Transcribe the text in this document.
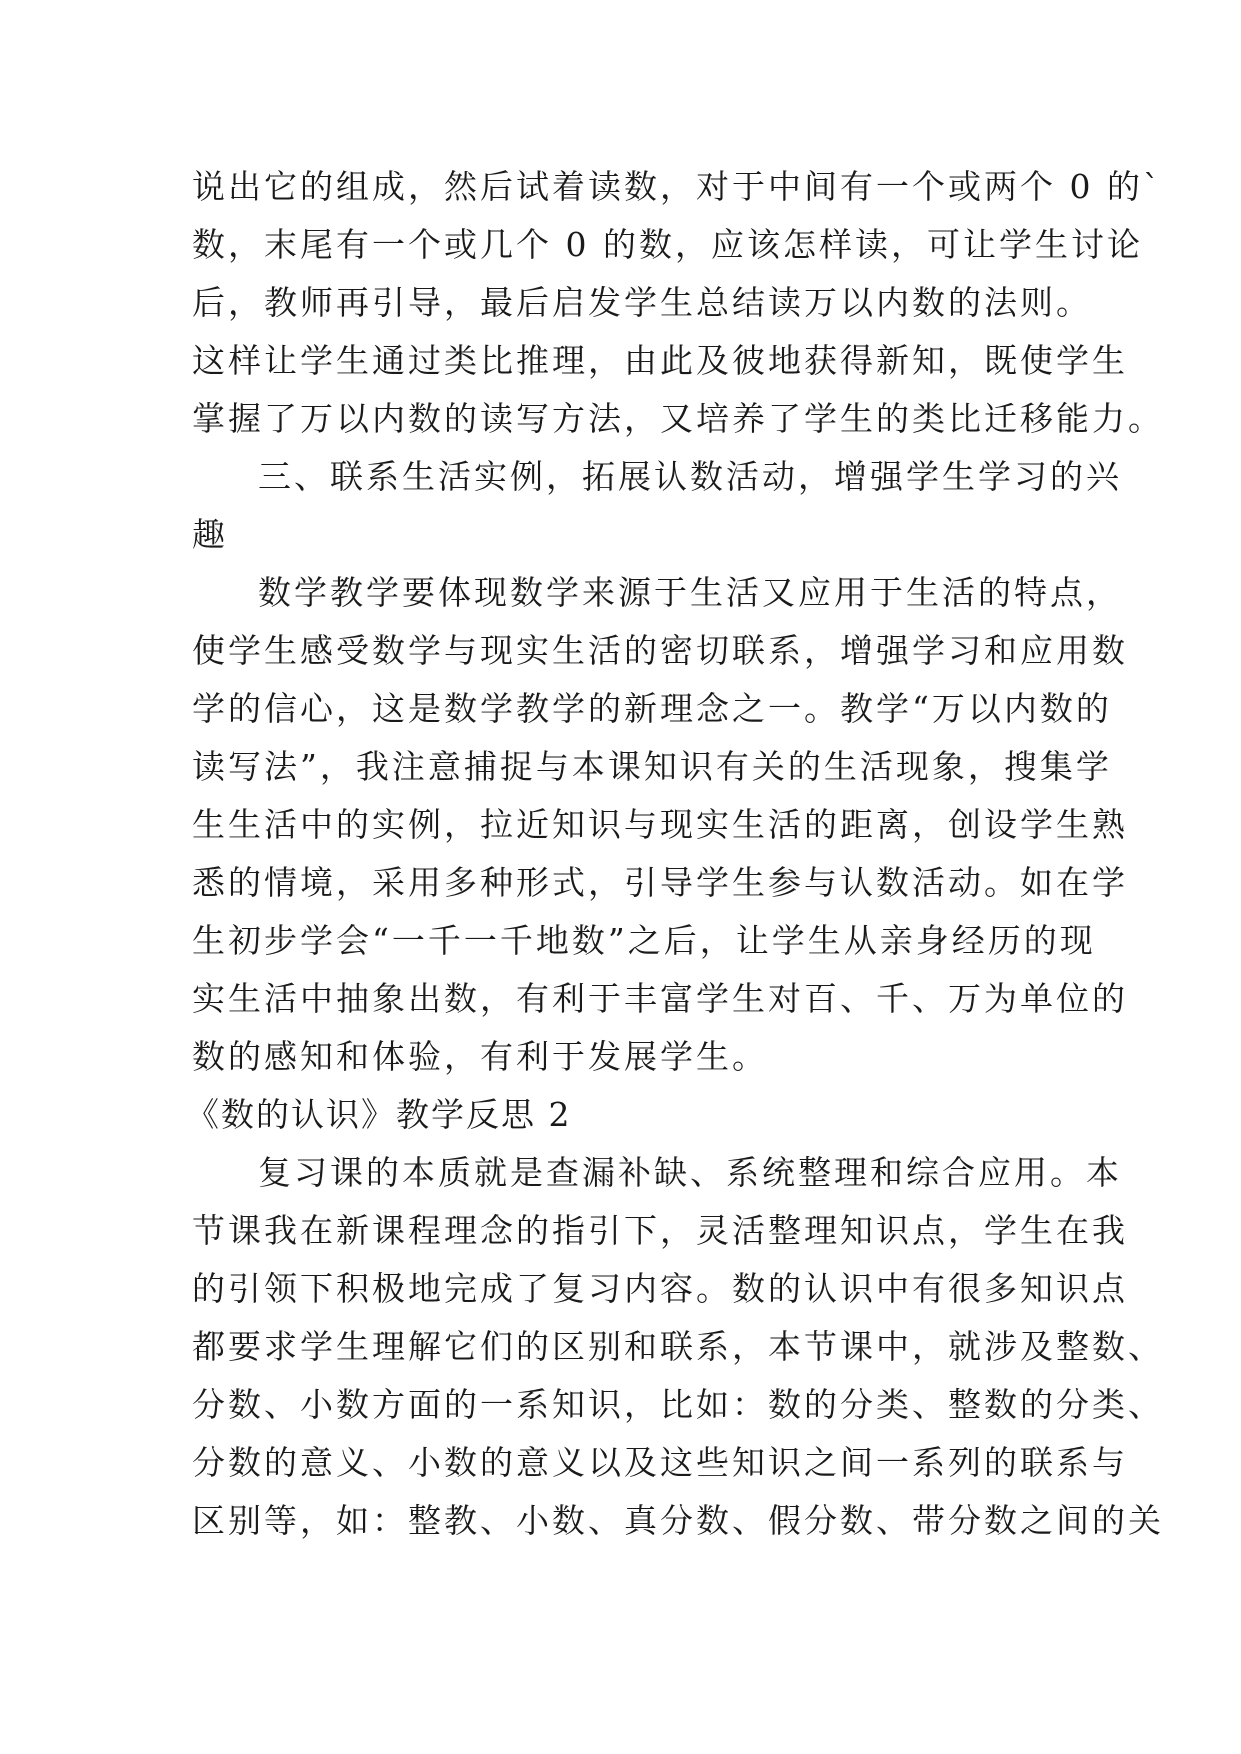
说出它的组成，然后试着读数，对于中间有一个或两个 0 的`
数，末尾有一个或几个 0 的数，应该怎样读，可让学生讨论
后，教师再引导，最后启发学生总结读万以内数的法则。
这样让学生通过类比推理，由此及彼地获得新知，既使学生
掌握了万以内数的读写方法，又培养了学生的类比迁移能力。
三、联系生活实例，拓展认数活动，增强学生学习的兴
趣
数学教学要体现数学来源于生活又应用于生活的特点，
使学生感受数学与现实生活的密切联系，增强学习和应用数
学的信心，这是数学教学的新理念之一。教学“万以内数的
读写法”，我注意捕捉与本课知识有关的生活现象，搜集学
生生活中的实例，拉近知识与现实生活的距离，创设学生熟
悉的情境，采用多种形式，引导学生参与认数活动。如在学
生初步学会“一千一千地数”之后，让学生从亲身经历的现
实生活中抽象出数，有利于丰富学生对百、千、万为单位的
数的感知和体验，有利于发展学生。
《数的认识》教学反思 2
复习课的本质就是查漏补缺、系统整理和综合应用。本
节课我在新课程理念的指引下，灵活整理知识点，学生在我
的引领下积极地完成了复习内容。数的认识中有很多知识点
都要求学生理解它们的区别和联系，本节课中，就涉及整数、
分数、小数方面的一系知识，比如：数的分类、整数的分类、
分数的意义、小数的意义以及这些知识之间一系列的联系与
区别等，如：整教、小数、真分数、假分数、带分数之间的关
